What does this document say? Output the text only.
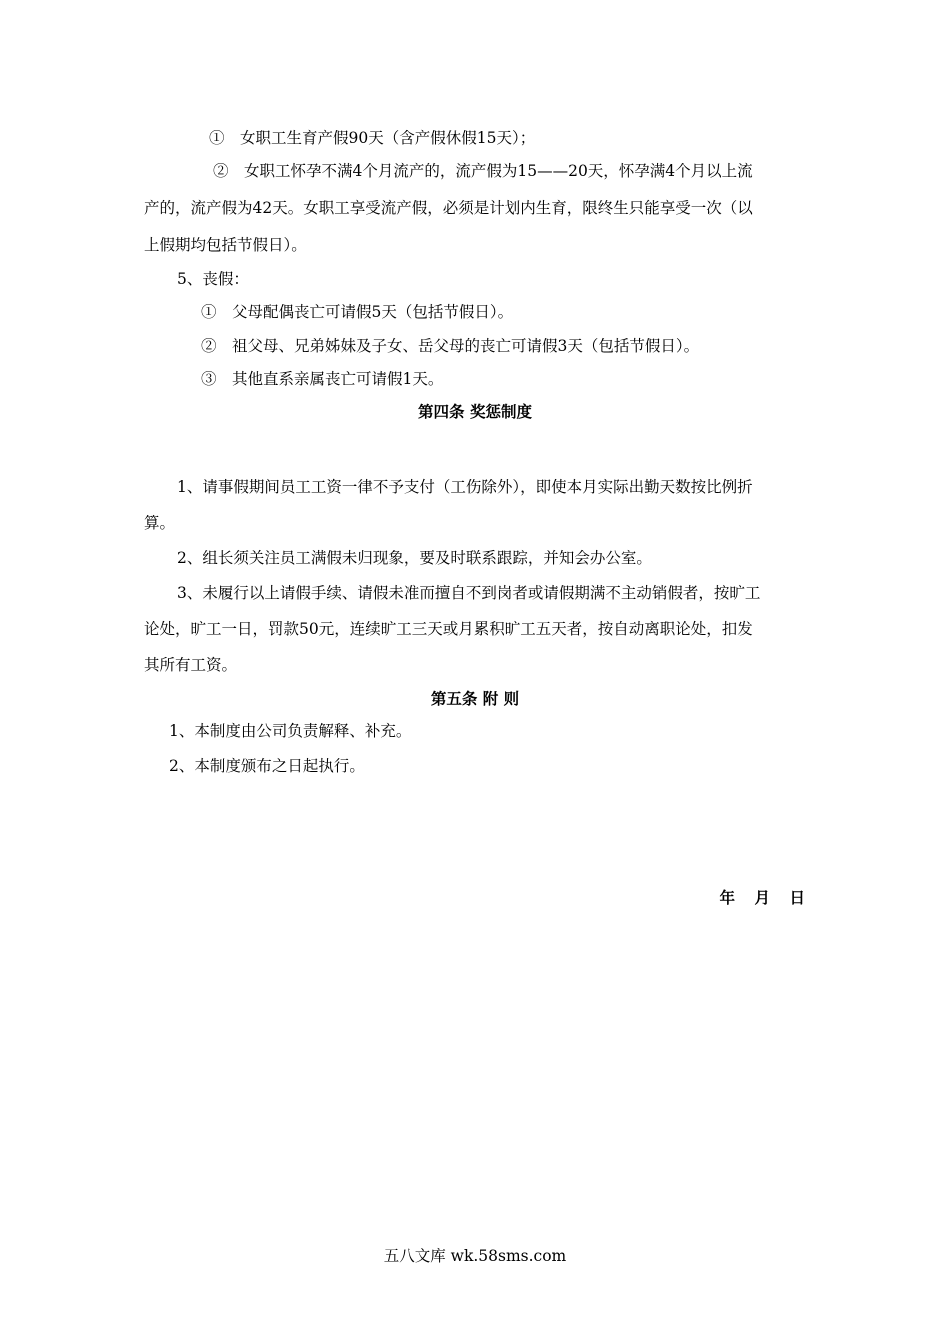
①　女职工生育产假90天（含产假休假15天）；
②　女职工怀孕不满4个月流产的，流产假为15——20天，怀孕满4个月以上流
产的，流产假为42天。女职工享受流产假，必须是计划内生育，限终生只能享受一次（以
上假期均包括节假日）。
5、丧假：
①　父母配偶丧亡可请假5天（包括节假日）。
②　祖父母、兄弟姊妹及子女、岳父母的丧亡可请假3天（包括节假日）。
③　其他直系亲属丧亡可请假1天。
第四条 奖惩制度
1、请事假期间员工工资一律不予支付（工伤除外），即使本月实际出勤天数按比例折
算。
2、组长须关注员工满假未归现象，要及时联系跟踪，并知会办公室。
3、未履行以上请假手续、请假未准而擅自不到岗者或请假期满不主动销假者，按旷工
论处，旷工一日，罚款50元，连续旷工三天或月累积旷工五天者，按自动离职论处，扣发
其所有工资。
第五条 附 则
1、本制度由公司负责解释、补充。
2、本制度颁布之日起执行。
年　月　日
五八文库 wk.58sms.com
